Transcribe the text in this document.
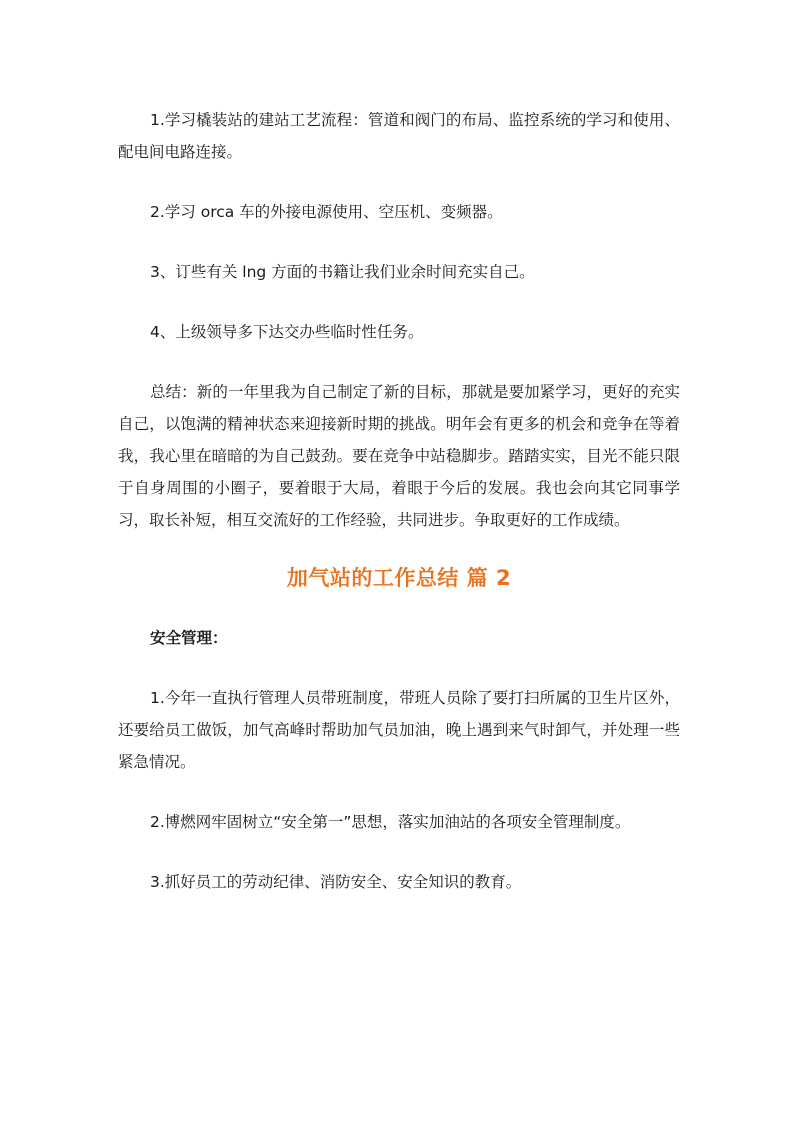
1.学习橇装站的建站工艺流程：管道和阀门的布局、监控系统的学习和使用、配电间电路连接。

2.学习 orca 车的外接电源使用、空压机、变频器。

3、订些有关 lng 方面的书籍让我们业余时间充实自己。

4、上级领导多下达交办些临时性任务。

总结：新的一年里我为自己制定了新的目标，那就是要加紧学习，更好的充实自己，以饱满的精神状态来迎接新时期的挑战。明年会有更多的机会和竞争在等着我，我心里在暗暗的为自己鼓劲。要在竞争中站稳脚步。踏踏实实，目光不能只限于自身周围的小圈子，要着眼于大局，着眼于今后的发展。我也会向其它同事学习，取长补短，相互交流好的工作经验，共同进步。争取更好的工作成绩。

加气站的工作总结 篇 2

安全管理：

1.今年一直执行管理人员带班制度，带班人员除了要打扫所属的卫生片区外，还要给员工做饭，加气高峰时帮助加气员加油，晚上遇到来气时卸气，并处理一些紧急情况。

2.博燃网牢固树立“安全第一”思想，落实加油站的各项安全管理制度。

3.抓好员工的劳动纪律、消防安全、安全知识的教育。
